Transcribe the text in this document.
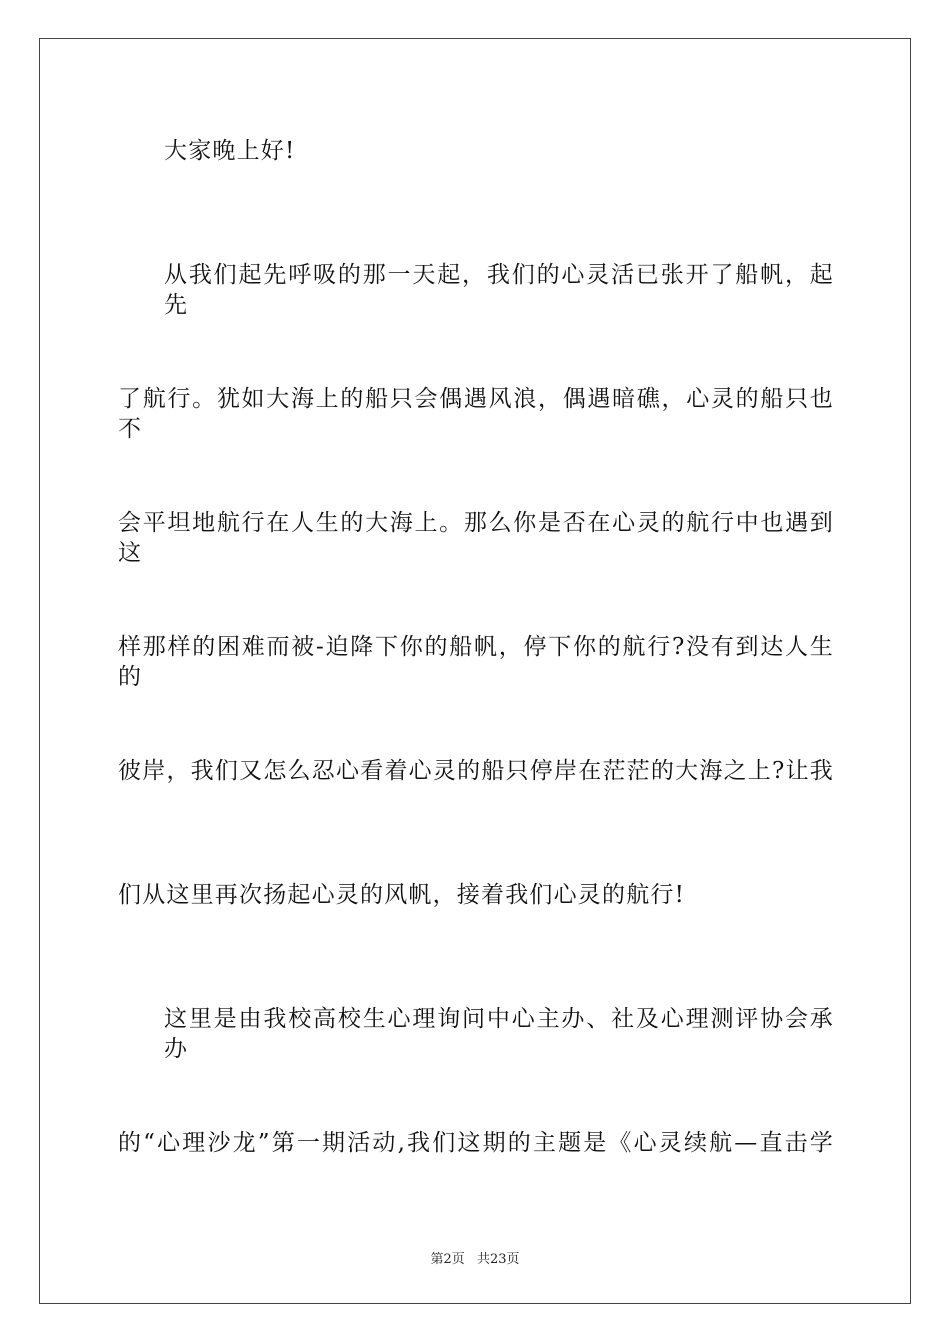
大家晚上好!
从我们起先呼吸的那一天起，我们的心灵活已张开了船帆，起先
了航行。犹如大海上的船只会偶遇风浪，偶遇暗礁，心灵的船只也不
会平坦地航行在人生的大海上。那么你是否在心灵的航行中也遇到这
样那样的困难而被-迫降下你的船帆，停下你的航行?没有到达人生的
彼岸，我们又怎么忍心看着心灵的船只停岸在茫茫的大海之上?让我
们从这里再次扬起心灵的风帆，接着我们心灵的航行!
这里是由我校高校生心理询问中心主办、社及心理测评协会承办
的“心理沙龙”第一期活动,我们这期的主题是《心灵续航—直击学
第2页 共23页
